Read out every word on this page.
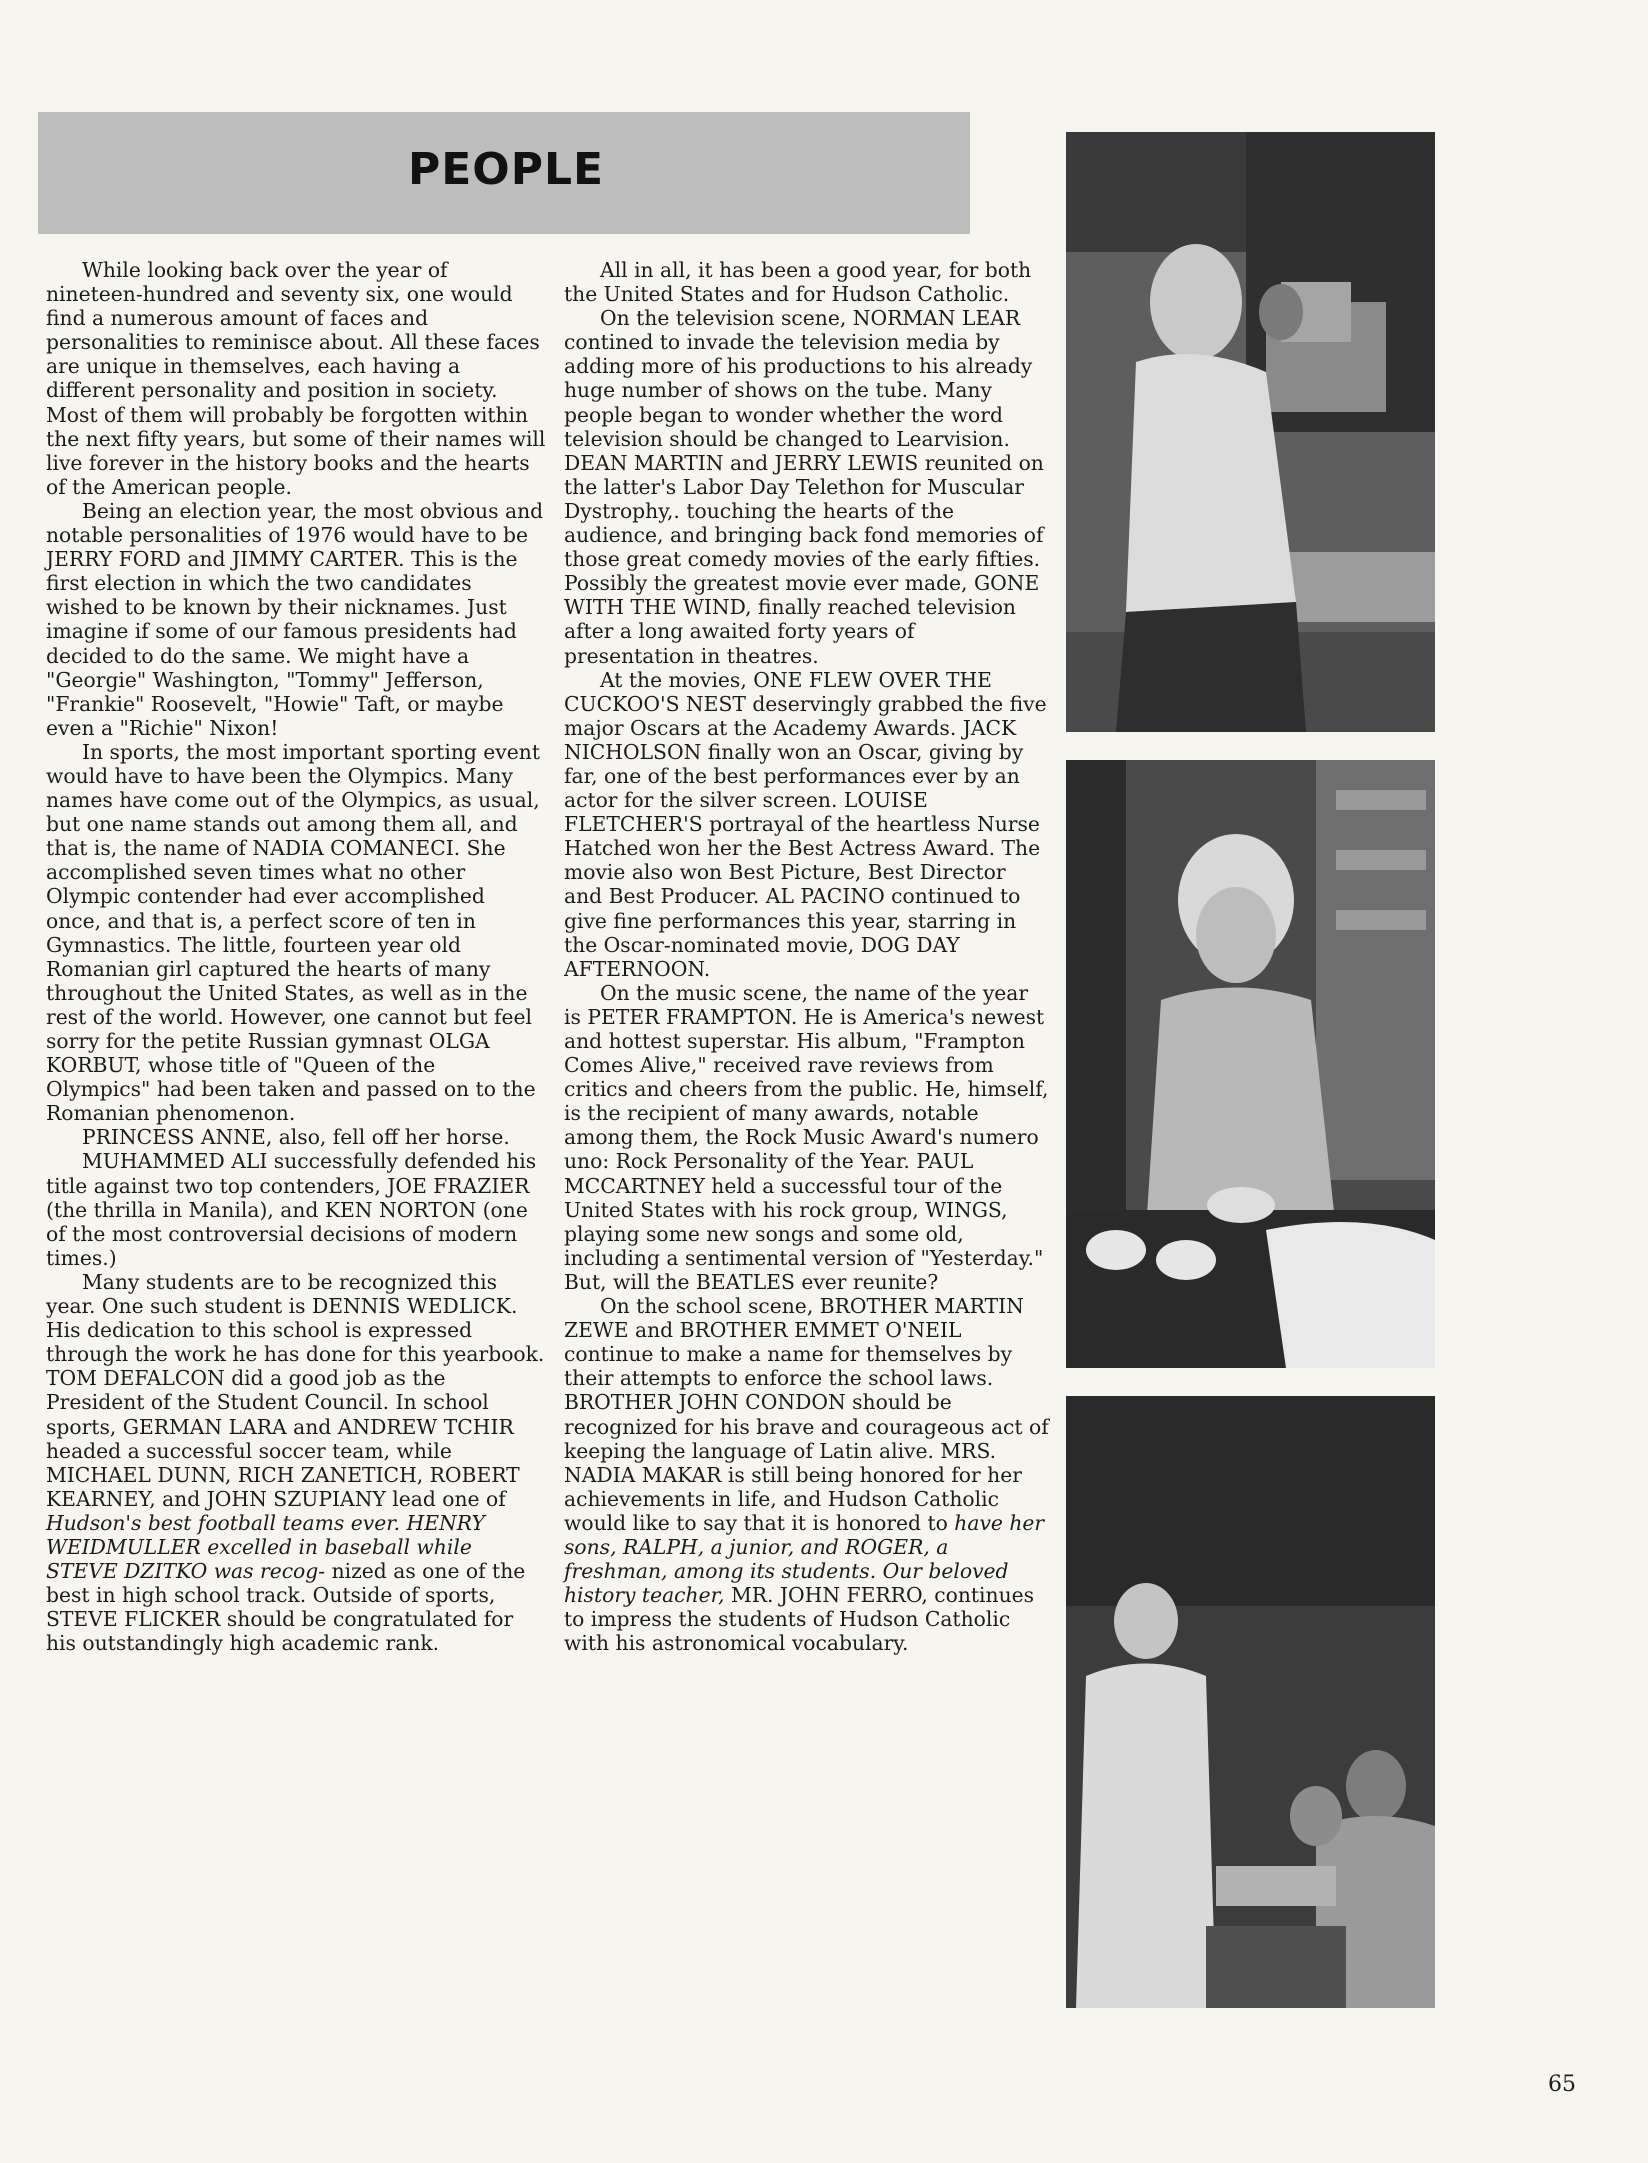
PEOPLE

While looking back over the year of nineteen-hundred and seventy six, one would find a numerous amount of faces and personalities to reminisce about. All these faces are unique in themselves, each having a different personality and position in society. Most of them will probably be forgotten within the next fifty years, but some of their names will live forever in the history books and the hearts of the American people.

Being an election year, the most obvious and notable personalities of 1976 would have to be JERRY FORD and JIMMY CARTER. This is the first election in which the two candidates wished to be known by their nicknames. Just imagine if some of our famous presidents had decided to do the same. We might have a "Georgie" Washington, "Tommy" Jefferson, "Frankie" Roosevelt, "Howie" Taft, or maybe even a "Richie" Nixon!

In sports, the most important sporting event would have to have been the Olympics. Many names have come out of the Olympics, as usual, but one name stands out among them all, and that is, the name of NADIA COMANECI. She accomplished seven times what no other Olympic contender had ever accomplished once, and that is, a perfect score of ten in Gymnastics. The little, fourteen year old Romanian girl captured the hearts of many throughout the United States, as well as in the rest of the world. However, one cannot but feel sorry for the petite Russian gymnast OLGA KORBUT, whose title of "Queen of the Olympics" had been taken and passed on to the Romanian phenomenon.

PRINCESS ANNE, also, fell off her horse.

MUHAMMED ALI successfully defended his title against two top contenders, JOE FRAZIER (the thrilla in Manila), and KEN NORTON (one of the most controversial decisions of modern times.)

Many students are to be recognized this year. One such student is DENNIS WEDLICK. His dedication to this school is expressed through the work he has done for this yearbook. TOM DEFALCON did a good job as the President of the Student Council. In school sports, GERMAN LARA and ANDREW TCHIR headed a successful soccer team, while MICHAEL DUNN, RICH ZANETICH, ROBERT KEARNEY, and JOHN SZUPIANY lead one of Hudson's best football teams ever. HENRY WEIDMULLER excelled in baseball while STEVE DZITKO was recog- nized as one of the best in high school track. Outside of sports, STEVE FLICKER should be congratulated for his outstandingly high academic rank.

All in all, it has been a good year, for both the United States and for Hudson Catholic.

On the television scene, NORMAN LEAR contined to invade the television media by adding more of his productions to his already huge number of shows on the tube. Many people began to wonder whether the word television should be changed to Learvision. DEAN MARTIN and JERRY LEWIS reunited on the latter's Labor Day Telethon for Muscular Dystrophy,. touching the hearts of the audience, and bringing back fond memories of those great comedy movies of the early fifties. Possibly the greatest movie ever made, GONE WITH THE WIND, finally reached television after a long awaited forty years of presentation in theatres.

At the movies, ONE FLEW OVER THE CUCKOO'S NEST deservingly grabbed the five major Oscars at the Academy Awards. JACK NICHOLSON finally won an Oscar, giving by far, one of the best performances ever by an actor for the silver screen. LOUISE FLETCHER'S portrayal of the heartless Nurse Hatched won her the Best Actress Award. The movie also won Best Picture, Best Director and Best Producer. AL PACINO continued to give fine performances this year, starring in the Oscar-nominated movie, DOG DAY AFTERNOON.

On the music scene, the name of the year is PETER FRAMPTON. He is America's newest and hottest superstar. His album, "Frampton Comes Alive," received rave reviews from critics and cheers from the public. He, himself, is the recipient of many awards, notable among them, the Rock Music Award's numero uno: Rock Personality of the Year. PAUL MCCARTNEY held a successful tour of the United States with his rock group, WINGS, playing some new songs and some old, including a sentimental version of "Yesterday." But, will the BEATLES ever reunite?

On the school scene, BROTHER MARTIN ZEWE and BROTHER EMMET O'NEIL continue to make a name for themselves by their attempts to enforce the school laws. BROTHER JOHN CONDON should be recognized for his brave and courageous act of keeping the language of Latin alive. MRS. NADIA MAKAR is still being honored for her achievements in life, and Hudson Catholic would like to say that it is honored to have her sons, RALPH, a junior, and ROGER, a freshman, among its students. Our beloved history teacher, MR. JOHN FERRO, continues to impress the students of Hudson Catholic with his astronomical vocabulary.

65
